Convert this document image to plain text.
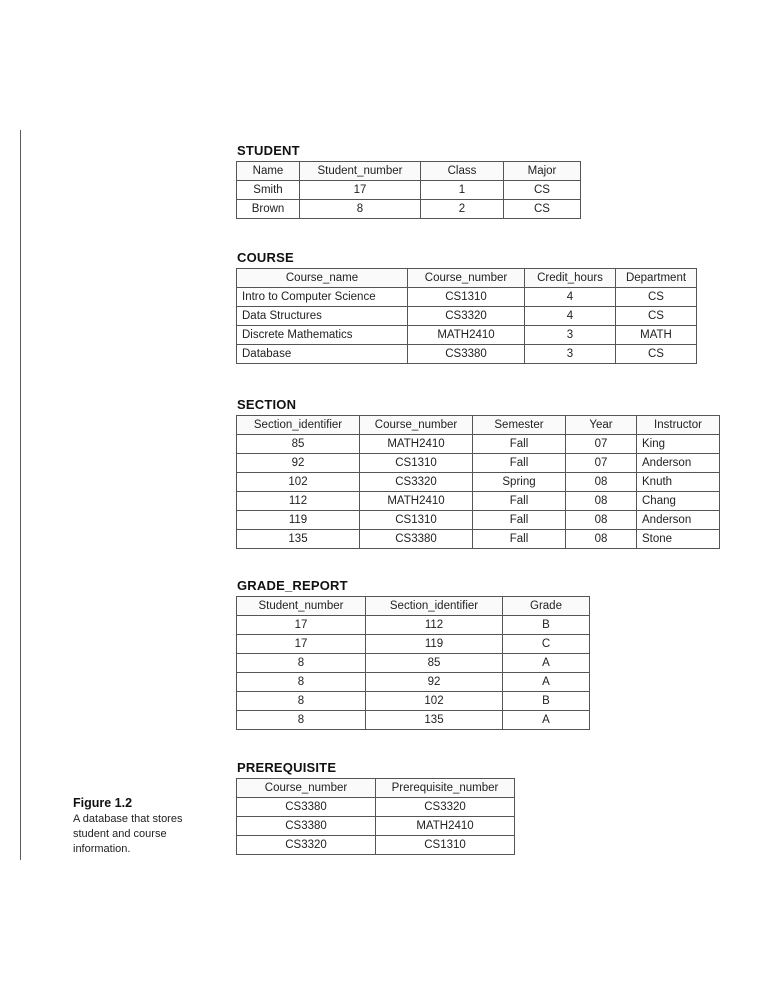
STUDENT
Name	Student_number	Class	Major
Smith	17	1	CS
Brown	8	2	CS
COURSE
Course_name	Course_number	Credit_hours	Department
Intro to Computer Science	CS1310	4	CS
Data Structures	CS3320	4	CS
Discrete Mathematics	MATH2410	3	MATH
Database	CS3380	3	CS
SECTION
Section_identifier	Course_number	Semester	Year	Instructor
85	MATH2410	Fall	07	King
92	CS1310	Fall	07	Anderson
102	CS3320	Spring	08	Knuth
112	MATH2410	Fall	08	Chang
119	CS1310	Fall	08	Anderson
135	CS3380	Fall	08	Stone
GRADE_REPORT
Student_number	Section_identifier	Grade
17	112	B
17	119	C
8	85	A
8	92	A
8	102	B
8	135	A
PREREQUISITE
Course_number	Prerequisite_number
CS3380	CS3320
CS3380	MATH2410
CS3320	CS1310
Figure 1.2
A database that stores student and course information.
